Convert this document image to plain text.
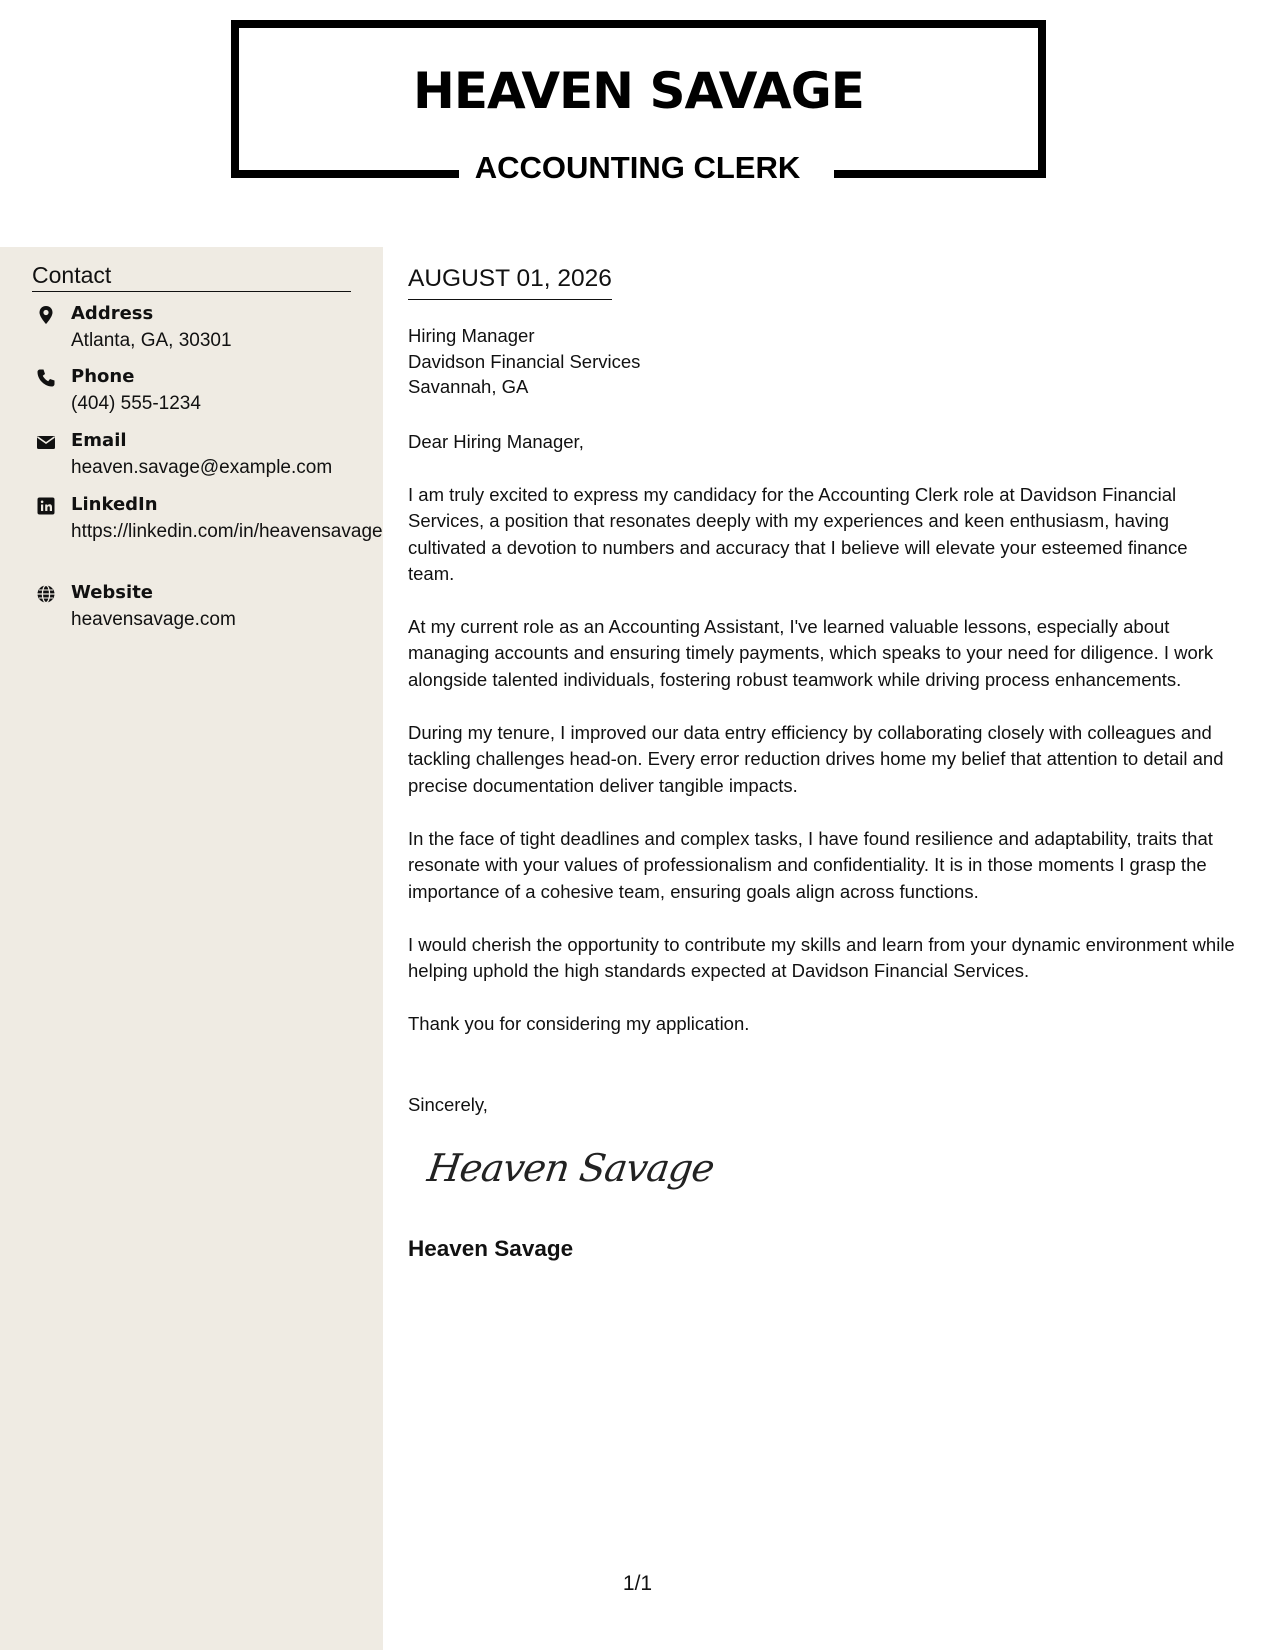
HEAVEN SAVAGE
ACCOUNTING CLERK
Contact
Address
Atlanta, GA, 30301
Phone
(404) 555-1234
Email
heaven.savage@example.com
LinkedIn
https://linkedin.com/in/heavensavage
Website
heavensavage.com
AUGUST 01, 2026
Hiring Manager
Davidson Financial Services
Savannah, GA

Dear Hiring Manager,

I am truly excited to express my candidacy for the Accounting Clerk role at Davidson Financial Services, a position that resonates deeply with my experiences and keen enthusiasm, having cultivated a devotion to numbers and accuracy that I believe will elevate your esteemed finance team.

At my current role as an Accounting Assistant, I've learned valuable lessons, especially about managing accounts and ensuring timely payments, which speaks to your need for diligence. I work alongside talented individuals, fostering robust teamwork while driving process enhancements.

During my tenure, I improved our data entry efficiency by collaborating closely with colleagues and tackling challenges head-on. Every error reduction drives home my belief that attention to detail and precise documentation deliver tangible impacts.

In the face of tight deadlines and complex tasks, I have found resilience and adaptability, traits that resonate with your values of professionalism and confidentiality. It is in those moments I grasp the importance of a cohesive team, ensuring goals align across functions.

I would cherish the opportunity to contribute my skills and learn from your dynamic environment while helping uphold the high standards expected at Davidson Financial Services.

Thank you for considering my application.

Sincerely,

Heaven Savage
Heaven Savage
1/1
